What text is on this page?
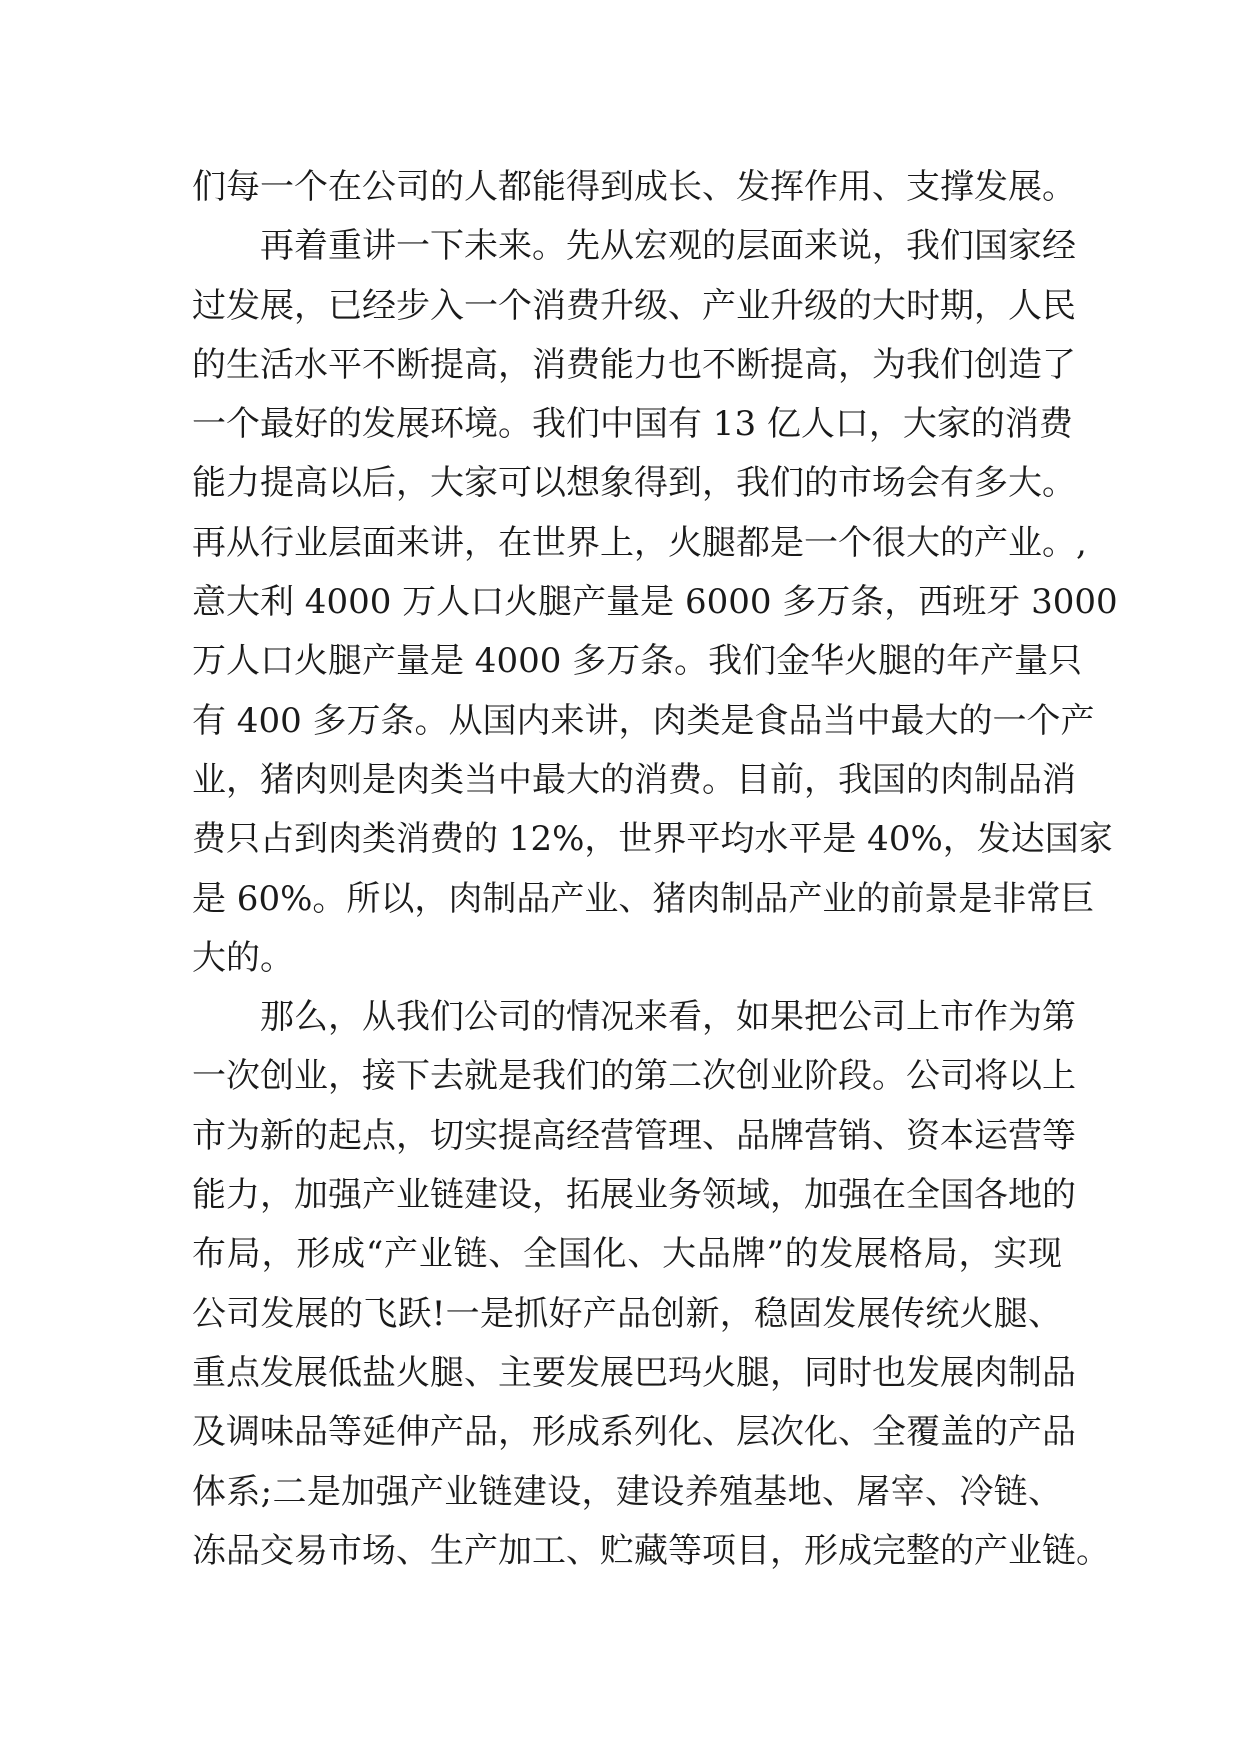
们每一个在公司的人都能得到成长、发挥作用、支撑发展。
再着重讲一下未来。先从宏观的层面来说，我们国家经
过发展，已经步入一个消费升级、产业升级的大时期，人民
的生活水平不断提高，消费能力也不断提高，为我们创造了
一个最好的发展环境。我们中国有 13 亿人口，大家的消费
能力提高以后，大家可以想象得到，我们的市场会有多大。
再从行业层面来讲，在世界上，火腿都是一个很大的产业。,
意大利 4000 万人口火腿产量是 6000 多万条，西班牙 3000
万人口火腿产量是 4000 多万条。我们金华火腿的年产量只
有 400 多万条。从国内来讲，肉类是食品当中最大的一个产
业，猪肉则是肉类当中最大的消费。目前，我国的肉制品消
费只占到肉类消费的 12%，世界平均水平是 40%，发达国家
是 60%。所以，肉制品产业、猪肉制品产业的前景是非常巨
大的。
那么，从我们公司的情况来看，如果把公司上市作为第
一次创业，接下去就是我们的第二次创业阶段。公司将以上
市为新的起点，切实提高经营管理、品牌营销、资本运营等
能力，加强产业链建设，拓展业务领域，加强在全国各地的
布局，形成“产业链、全国化、大品牌”的发展格局，实现
公司发展的飞跃!一是抓好产品创新，稳固发展传统火腿、
重点发展低盐火腿、主要发展巴玛火腿，同时也发展肉制品
及调味品等延伸产品，形成系列化、层次化、全覆盖的产品
体系;二是加强产业链建设，建设养殖基地、屠宰、冷链、
冻品交易市场、生产加工、贮藏等项目，形成完整的产业链。
